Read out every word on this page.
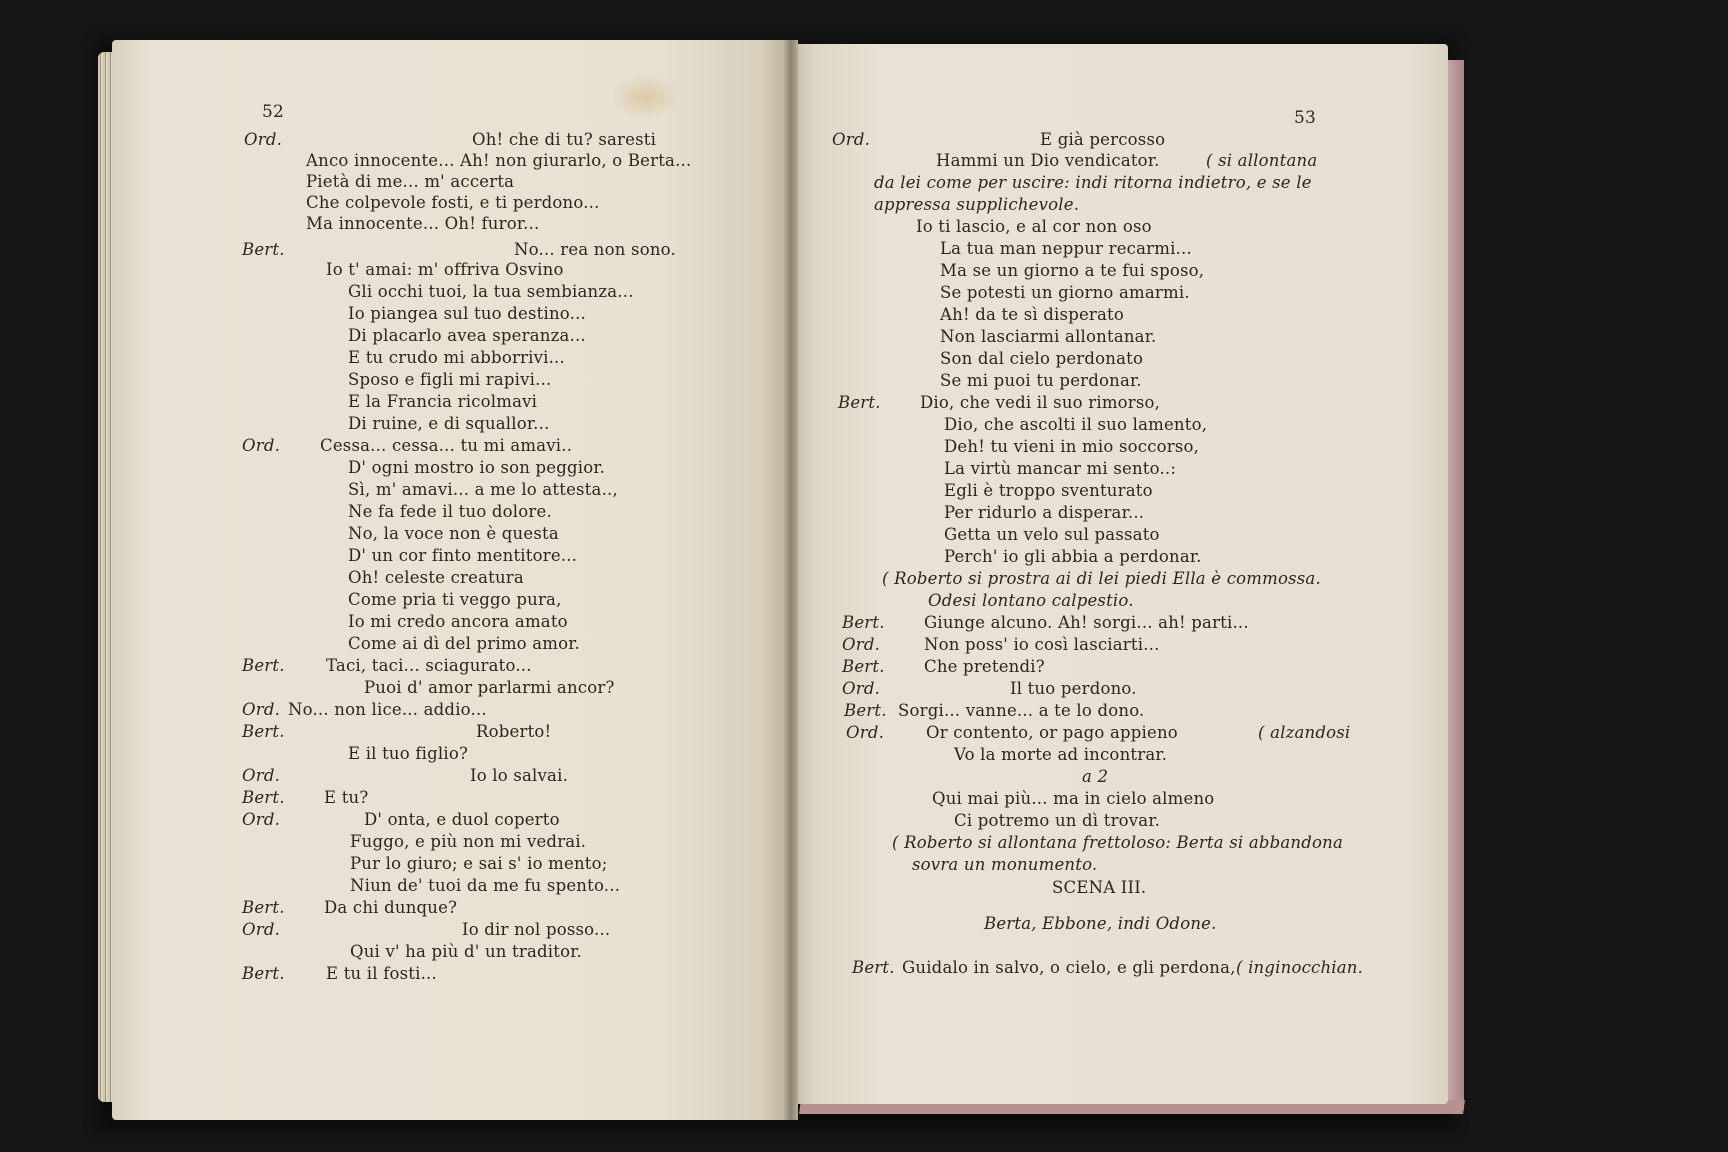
52	53
Ord.	Oh! che di tu? saresti
Anco innocente... Ah! non giurarlo, o Berta...
Pietà di me... m' accerta
Che colpevole fosti, e ti perdono...
Ma innocente... Oh! furor...
Bert.	No... rea non sono.
Io t' amai: m' offriva Osvino
Gli occhi tuoi, la tua sembianza...
Io piangea sul tuo destino...
Di placarlo avea speranza...
E tu crudo mi abborrivi...
Sposo e figli mi rapivi...
E la Francia ricolmavi
Di ruine, e di squallor...
Ord. Cessa... cessa... tu mi amavi..
D' ogni mostro io son peggior.
Sì, m' amavi... a me lo attesta..,
Ne fa fede il tuo dolore.
No, la voce non è questa
D' un cor finto mentitore...
Oh! celeste creatura
Come pria ti veggo pura,
Io mi credo ancora amato
Come ai dì del primo amor.
Bert.	Taci, taci... sciagurato...
Puoi d' amor parlarmi ancor?
Ord. No... non lice... addio...
Bert.	Roberto!
E il tuo figlio?
Ord.	Io lo salvai.
Bert. E tu?
Ord.	D' onta, e duol coperto
Fuggo, e più non mi vedrai.
Pur lo giuro; e sai s' io mento;
Niun de' tuoi da me fu spento...
Bert. Da chi dunque?
Ord.	Io dir nol posso...
Qui v' ha più d' un traditor.
Bert.	E tu il fosti...
Ord.	E già percosso
Hammi un Dio vendicator.	( si allontana
da lei come per uscire: indi ritorna indietro, e se le
appressa supplichevole.
Io ti lascio, e al cor non oso
La tua man neppur recarmi...
Ma se un giorno a te fui sposo,
Se potesti un giorno amarmi.
Ah! da te sì disperato
Non lasciarmi allontanar.
Son dal cielo perdonato
Se mi puoi tu perdonar.
Bert. Dio, che vedi il suo rimorso,
Dio, che ascolti il suo lamento,
Deh! tu vieni in mio soccorso,
La virtù mancar mi sento..:
Egli è troppo sventurato
Per ridurlo a disperar...
Getta un velo sul passato
Perch' io gli abbia a perdonar.
( Roberto si prostra ai di lei piedi Ella è commossa.
Odesi lontano calpestio.
Bert. Giunge alcuno. Ah! sorgi... ah! parti...
Ord.	Non poss' io così lasciarti...
Bert. Che pretendi?
Ord.	Il tuo perdono.
Bert. Sorgi... vanne... a te lo dono.
Ord.	Or contento, or pago appieno	( alzandosi
Vo la morte ad incontrar.
a 2
Qui mai più... ma in cielo almeno
Ci potremo un dì trovar.
( Roberto si allontana frettoloso: Berta si abbandona
sovra un monumento.
SCENA III.
Berta, Ebbone, indi Odone.
Bert. Guidalo in salvo, o cielo, e gli perdona, ( inginocchian.
